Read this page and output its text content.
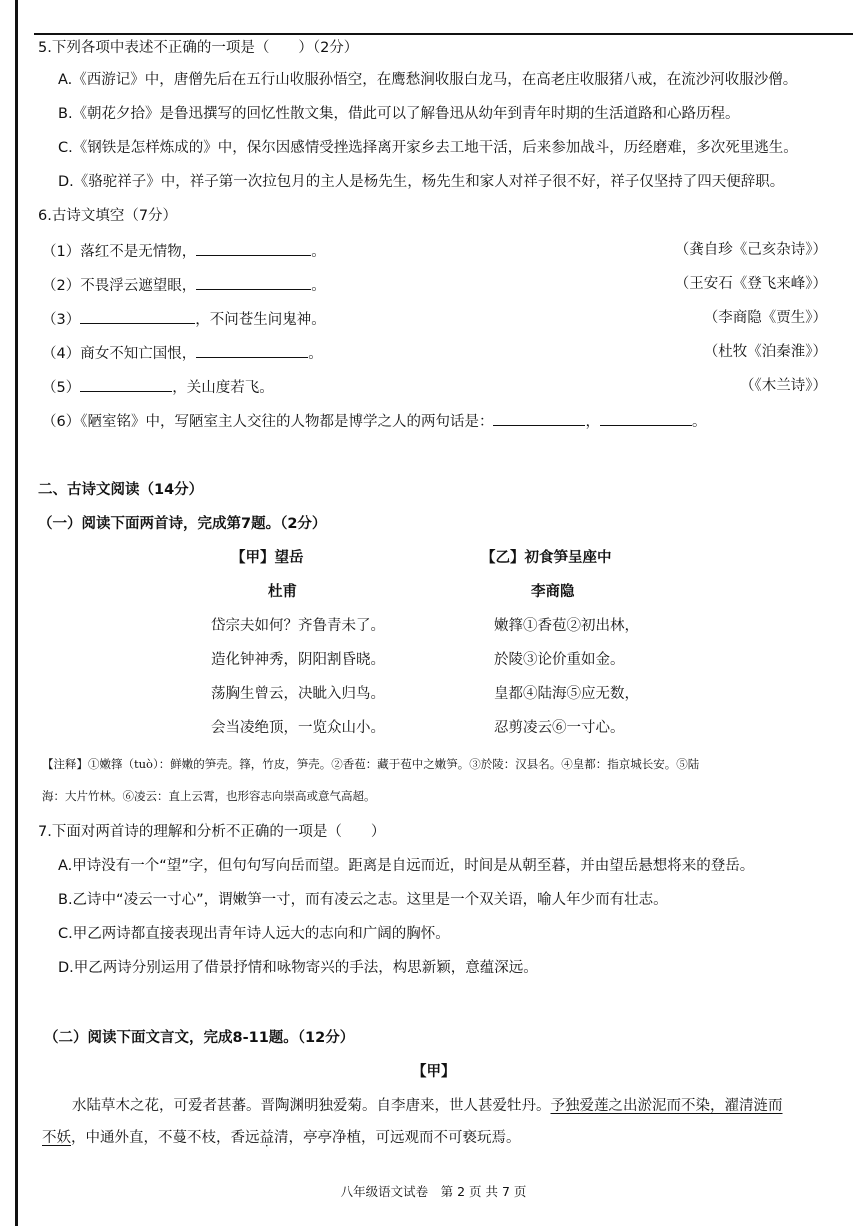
5.下列各项中表述不正确的一项是（　　）（2分）
A.《西游记》中，唐僧先后在五行山收服孙悟空，在鹰愁涧收服白龙马，在高老庄收服猪八戒，在流沙河收服沙僧。
B.《朝花夕拾》是鲁迅撰写的回忆性散文集，借此可以了解鲁迅从幼年到青年时期的生活道路和心路历程。
C.《钢铁是怎样炼成的》中，保尔因感情受挫选择离开家乡去工地干活，后来参加战斗，历经磨难，多次死里逃生。
D.《骆驼祥子》中，祥子第一次拉包月的主人是杨先生，杨先生和家人对祥子很不好，祥子仅坚持了四天便辞职。
6.古诗文填空（7分）
（1）落红不是无情物，	。	（龚自珍《己亥杂诗》）
（2）不畏浮云遮望眼，	。	（王安石《登飞来峰》）
（3）	，不问苍生问鬼神。	（李商隐《贾生》）
（4）商女不知亡国恨，	。	（杜牧《泊秦淮》）
（5）	，关山度若飞。	（《木兰诗》）
（6）《陋室铭》中，写陋室主人交往的人物都是博学之人的两句话是：	，	。
二、古诗文阅读（14分）
（一）阅读下面两首诗，完成第7题。（2分）
【甲】望岳
杜甫
岱宗夫如何？齐鲁青未了。
造化钟神秀，阴阳割昏晓。
荡胸生曾云，决眦入归鸟。
会当凌绝顶，一览众山小。
【乙】初食笋呈座中
李商隐
嫩箨①香苞②初出林，
於陵③论价重如金。
皇都④陆海⑤应无数，
忍剪凌云⑥一寸心。
【注释】①嫩箨（tuò）：鲜嫩的笋壳。箨，竹皮，笋壳。②香苞：藏于苞中之嫩笋。③於陵：汉县名。④皇都：指京城长安。⑤陆
海：大片竹林。⑥凌云：直上云霄，也形容志向崇高或意气高超。
7.下面对两首诗的理解和分析不正确的一项是（　　）
A.甲诗没有一个“望”字，但句句写向岳而望。距离是自远而近，时间是从朝至暮，并由望岳悬想将来的登岳。
B.乙诗中“凌云一寸心”，谓嫩笋一寸，而有凌云之志。这里是一个双关语，喻人年少而有壮志。
C.甲乙两诗都直接表现出青年诗人远大的志向和广阔的胸怀。
D.甲乙两诗分别运用了借景抒情和咏物寄兴的手法，构思新颖，意蕴深远。
（二）阅读下面文言文，完成8-11题。（12分）
【甲】
水陆草木之花，可爱者甚蕃。晋陶渊明独爱菊。自李唐来，世人甚爱牡丹。予独爱莲之出淤泥而不染，濯清涟而
不妖，中通外直，不蔓不枝，香远益清，亭亭净植，可远观而不可亵玩焉。
八年级语文试卷　第 2 页 共 7 页
